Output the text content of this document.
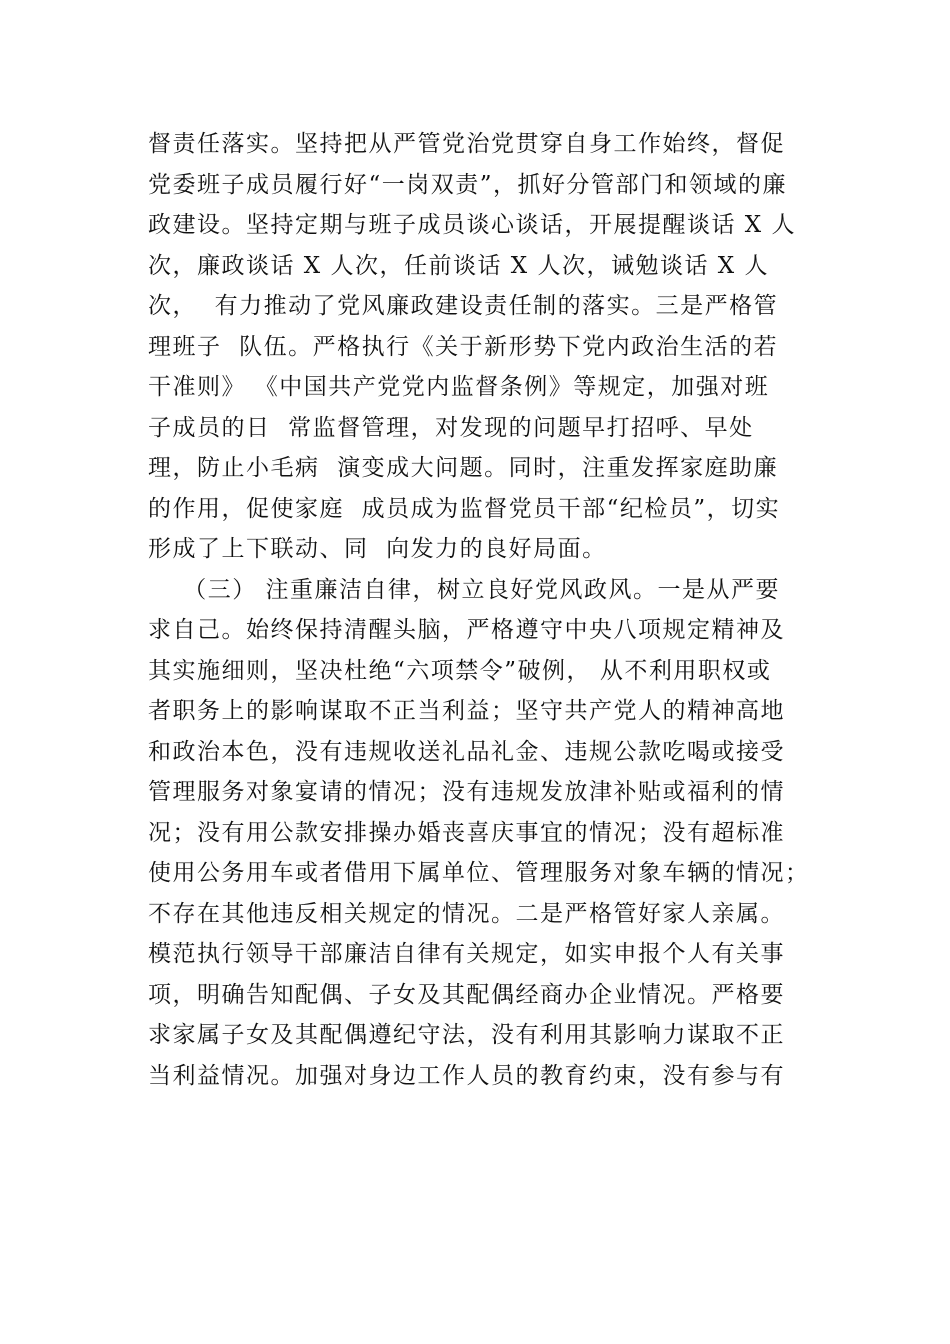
督责任落实。坚持把从严管党治党贯穿自身工作始终，督促
党委班子成员履行好“一岗双责”，抓好分管部门和领域的廉
政建设。坚持定期与班子成员谈心谈话，开展提醒谈话 X 人
次，廉政谈话 X 人次，任前谈话 X 人次，诫勉谈话 X 人
次，  有力推动了党风廉政建设责任制的落实。三是严格管
理班子  队伍。严格执行《关于新形势下党内政治生活的若
干准则》 《中国共产党党内监督条例》等规定，加强对班
子成员的日  常监督管理，对发现的问题早打招呼、早处
理，防止小毛病  演变成大问题。同时，注重发挥家庭助廉
的作用，促使家庭  成员成为监督党员干部“纪检员”，切实
形成了上下联动、同  向发力的良好局面。
（三） 注重廉洁自律，树立良好党风政风。一是从严要
求自己。始终保持清醒头脑，严格遵守中央八项规定精神及
其实施细则，坚决杜绝“六项禁令”破例， 从不利用职权或
者职务上的影响谋取不正当利益；坚守共产党人的精神高地
和政治本色，没有违规收送礼品礼金、违规公款吃喝或接受
管理服务对象宴请的情况；没有违规发放津补贴或福利的情
况；没有用公款安排操办婚丧喜庆事宜的情况；没有超标准
使用公务用车或者借用下属单位、管理服务对象车辆的情况；
不存在其他违反相关规定的情况。二是严格管好家人亲属。
模范执行领导干部廉洁自律有关规定，如实申报个人有关事
项，明确告知配偶、子女及其配偶经商办企业情况。严格要
求家属子女及其配偶遵纪守法，没有利用其影响力谋取不正
当利益情况。加强对身边工作人员的教育约束，没有参与有
